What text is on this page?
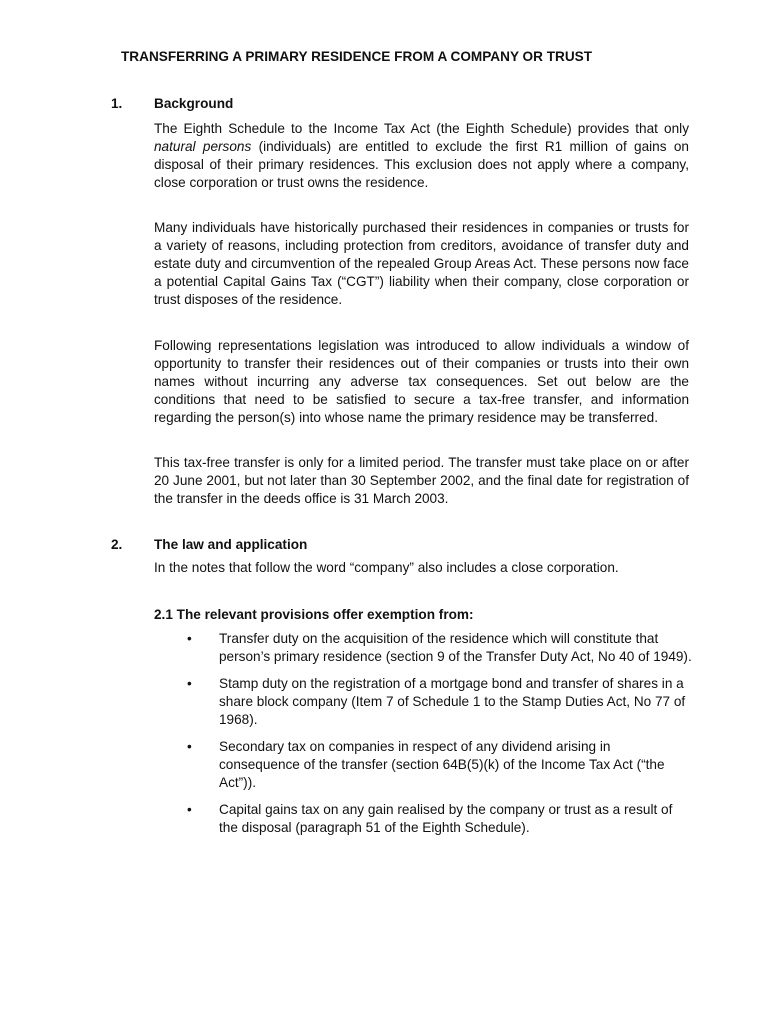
TRANSFERRING A PRIMARY RESIDENCE FROM A COMPANY OR TRUST
1. Background
The Eighth Schedule to the Income Tax Act (the Eighth Schedule) provides that only natural persons (individuals) are entitled to exclude the first R1 million of gains on disposal of their primary residences. This exclusion does not apply where a company, close corporation or trust owns the residence.
Many individuals have historically purchased their residences in companies or trusts for a variety of reasons, including protection from creditors, avoidance of transfer duty and estate duty and circumvention of the repealed Group Areas Act. These persons now face a potential Capital Gains Tax (“CGT”) liability when their company, close corporation or trust disposes of the residence.
Following representations legislation was introduced to allow individuals a window of opportunity to transfer their residences out of their companies or trusts into their own names without incurring any adverse tax consequences. Set out below are the conditions that need to be satisfied to secure a tax-free transfer, and information regarding the person(s) into whose name the primary residence may be transferred.
This tax-free transfer is only for a limited period. The transfer must take place on or after 20 June 2001, but not later than 30 September 2002, and the final date for registration of the transfer in the deeds office is 31 March 2003.
2. The law and application
In the notes that follow the word “company” also includes a close corporation.
2.1 The relevant provisions offer exemption from:
• Transfer duty on the acquisition of the residence which will constitute that person’s primary residence (section 9 of the Transfer Duty Act, No 40 of 1949).
• Stamp duty on the registration of a mortgage bond and transfer of shares in a share block company (Item 7 of Schedule 1 to the Stamp Duties Act, No 77 of 1968).
• Secondary tax on companies in respect of any dividend arising in consequence of the transfer (section 64B(5)(k) of the Income Tax Act (“the Act”)).
• Capital gains tax on any gain realised by the company or trust as a result of the disposal (paragraph 51 of the Eighth Schedule).
